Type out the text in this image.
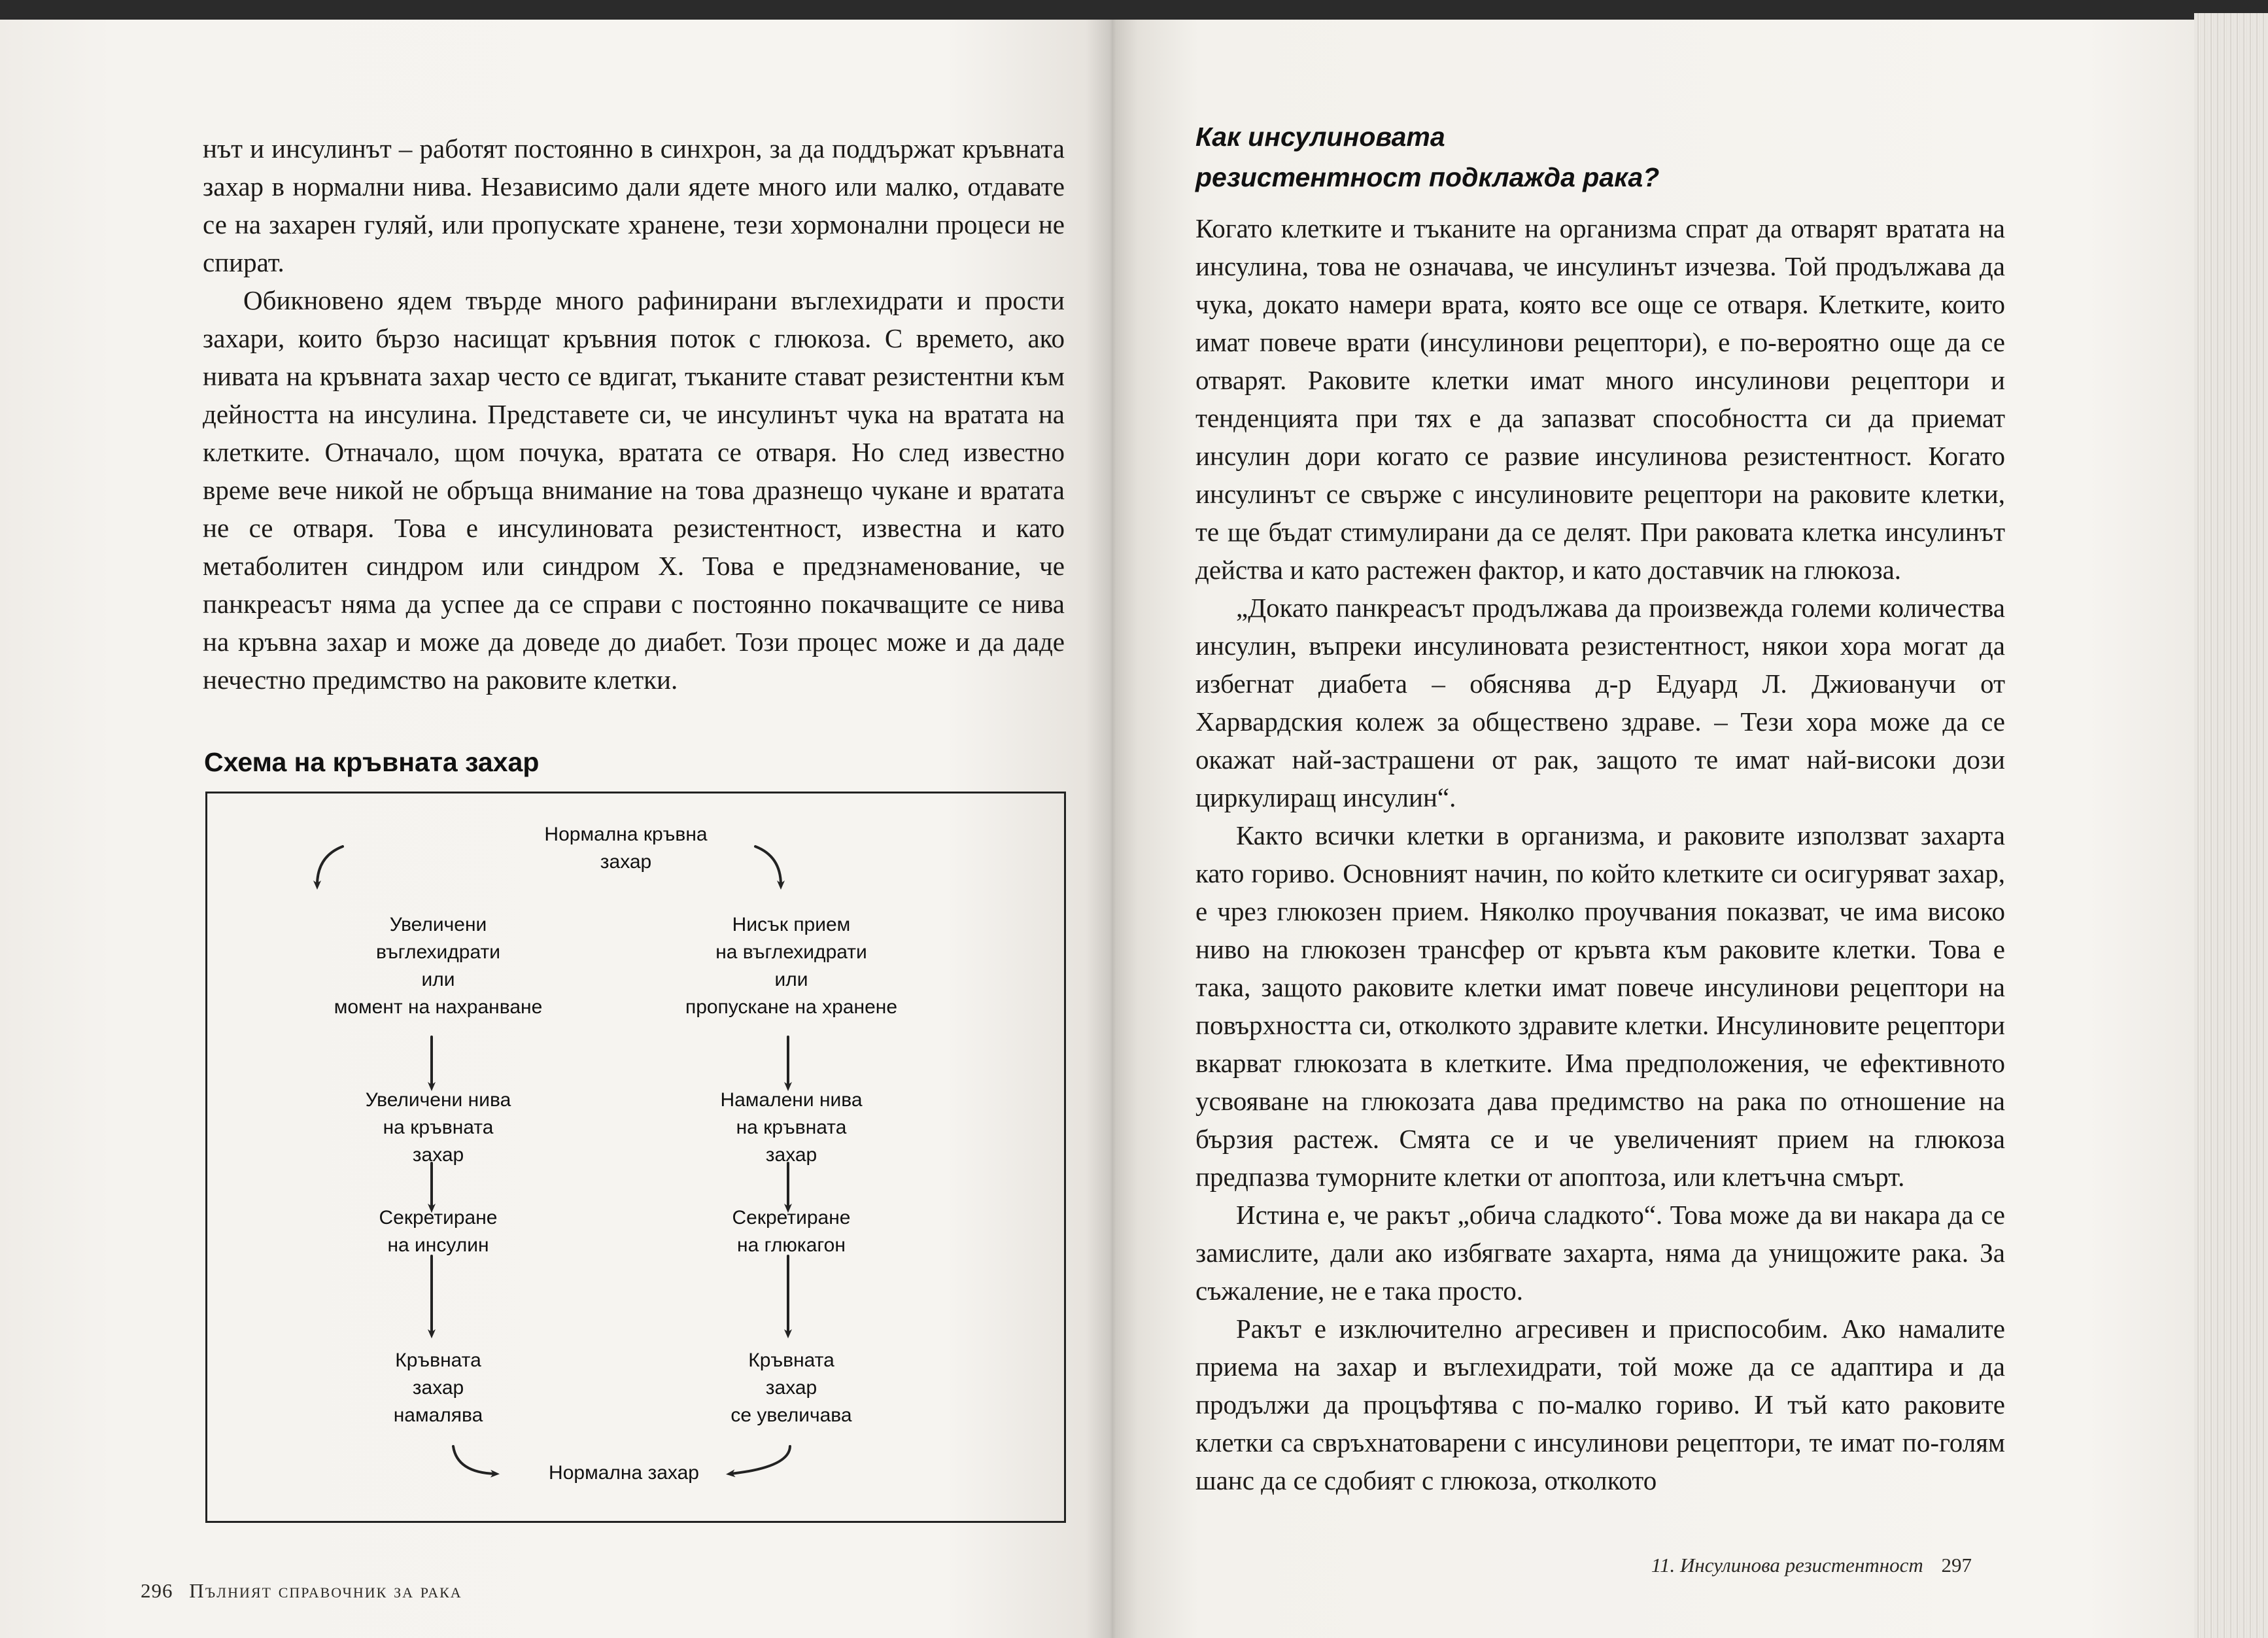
нът и инсулинът – работят постоянно в синхрон, за да поддържат кръвната захар в нормални нива. Независимо дали ядете много или малко, отдавате се на захарен гуляй, или пропускате хранене, тези хормонални процеси не спират.

Обикновено ядем твърде много рафинирани въглехидрати и прости захари, които бързо насищат кръвния поток с глюкоза. С времето, ако нивата на кръвната захар често се вдигат, тъканите стават резистентни към дейността на инсулина. Представете си, че инсулинът чука на вратата на клетките. Отначало, щом почука, вратата се отваря. Но след известно време вече никой не обръща внимание на това дразнещо чукане и вратата не се отваря. Това е инсулиновата резистентност, известна и като метаболитен синдром или синдром Х. Това е предзнаменование, че панкреасът няма да успее да се справи с постоянно покачващите се нива на кръвна захар и може да доведе до диабет. Този процес може и да даде нечестно предимство на раковите клетки.

Схема на кръвната захар
Нормална кръвна
захар
Увеличени
въглехидрати
или
момент на нахранване
Нисък прием
на въглехидрати
или
пропускане на хранене
Увеличени нива
на кръвната
захар
Намалени нива
на кръвната
захар
Секретиране
на инсулин
Секретиране
на глюкагон
Кръвната
захар
намалява
Кръвната
захар
се увеличава
Нормална захар
296 Пълният справочник за рака
Как инсулиновата
резистентност подклажда рака?

Когато клетките и тъканите на организма спрат да отварят вратата на инсулина, това не означава, че инсулинът изчезва. Той продължава да чука, докато намери врата, която все още се отваря. Клетките, които имат повече врати (инсулинови рецептори), е по-вероятно още да се отварят. Раковите клетки имат много инсулинови рецептори и тенденцията при тях е да запазват способността си да приемат инсулин дори когато се развие инсулинова резистентност. Когато инсулинът се свърже с инсулиновите рецептори на раковите клетки, те ще бъдат стимулирани да се делят. При раковата клетка инсулинът действа и като растежен фактор, и като доставчик на глюкоза.

„Докато панкреасът продължава да произвежда големи количества инсулин, въпреки инсулиновата резистентност, някои хора могат да избегнат диабета – обяснява д-р Едуард Л. Джиованучи от Харвардския колеж за обществено здраве. – Тези хора може да се окажат най-застрашени от рак, защото те имат най-високи дози циркулиращ инсулин“.

Както всички клетки в организма, и раковите използват захарта като гориво. Основният начин, по който клетките си осигуряват захар, е чрез глюкозен прием. Няколко проучвания показват, че има високо ниво на глюкозен трансфер от кръвта към раковите клетки. Това е така, защото раковите клетки имат повече инсулинови рецептори на повърхността си, отколкото здравите клетки. Инсулиновите рецептори вкарват глюкозата в клетките. Има предположения, че ефективното усвояване на глюкозата дава предимство на рака по отношение на бързия растеж. Смята се и че увеличеният прием на глюкоза предпазва туморните клетки от апоптоза, или клетъчна смърт.

Истина е, че ракът „обича сладкото“. Това може да ви накара да се замислите, дали ако избягвате захарта, няма да унищожите рака. За съжаление, не е така просто.

Ракът е изключително агресивен и приспособим. Ако намалите приема на захар и въглехидрати, той може да се адаптира и да продължи да процъфтява с по-малко гориво. И тъй като раковите клетки са свръхнатоварени с инсулинови рецептори, те имат по-голям шанс да се сдобият с глюкоза, отколкото

11. Инсулинова резистентност 297
